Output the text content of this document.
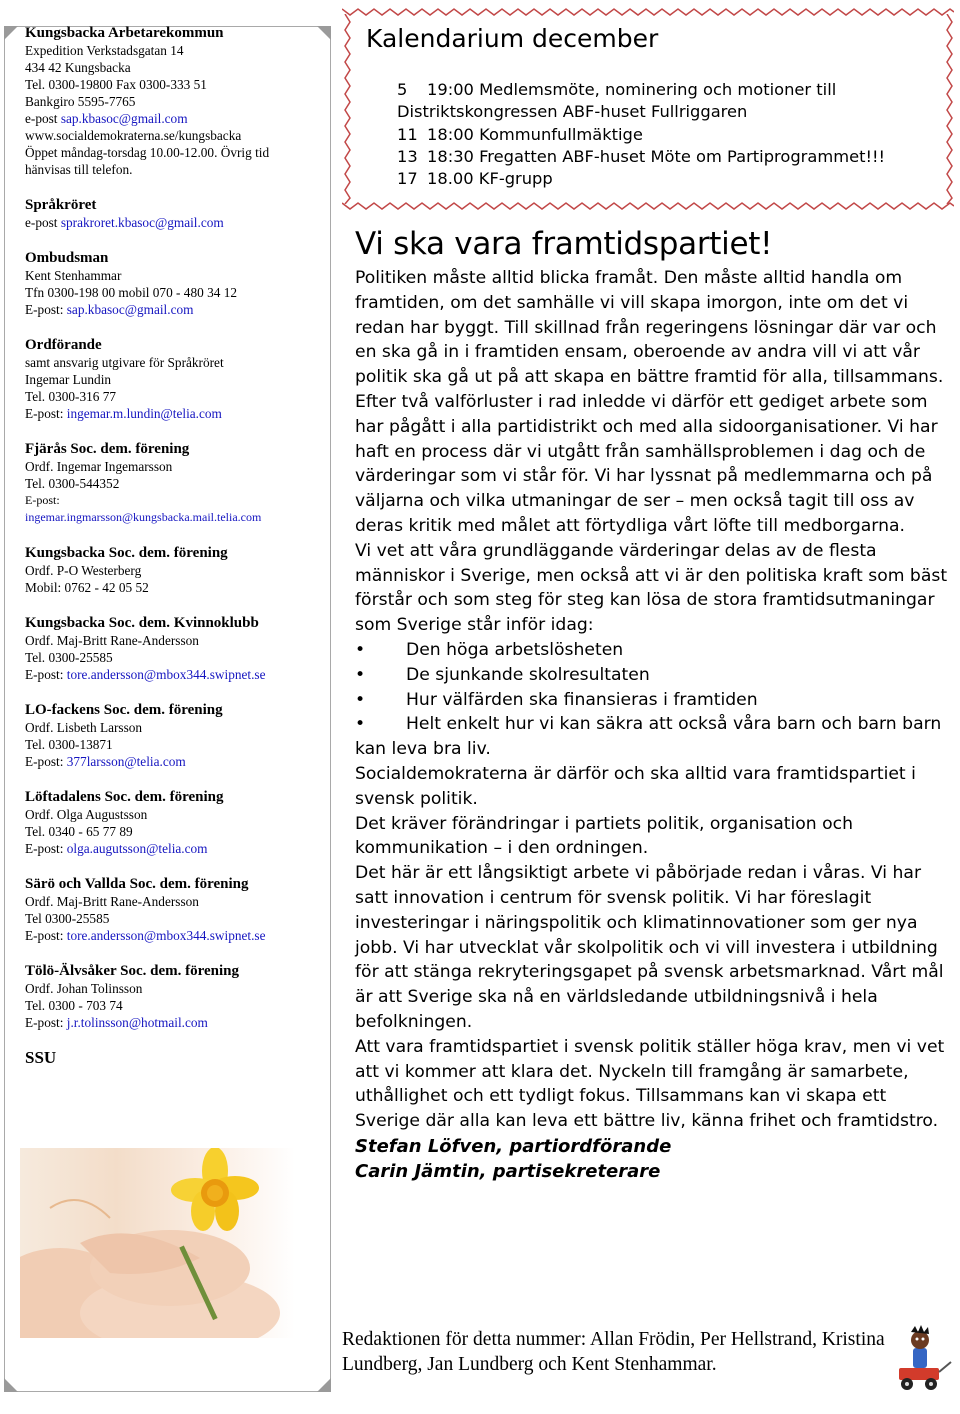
Kungsbacka Arbetarekommun
Expedition Verkstadsgatan 14
434 42 Kungsbacka
Tel. 0300-19800 Fax 0300-333 51
Bankgiro 5595-7765
e-post sap.kbasoc@gmail.com
www.socialdemokraterna.se/kungsbacka
Öppet måndag-torsdag 10.00-12.00. Övrig tid
hänvisas till telefon.
Språkröret
e-post sprakroret.kbasoc@gmail.com
Ombudsman
Kent Stenhammar
Tfn 0300-198 00 mobil 070 - 480 34 12
E-post: sap.kbasoc@gmail.com
Ordförande
samt ansvarig utgivare för Språkröret
Ingemar Lundin
Tel. 0300-316 77
E-post: ingemar.m.lundin@telia.com
Fjärås Soc. dem. förening
Ordf. Ingemar Ingemarsson
Tel. 0300-544352
E-post:
ingemar.ingmarsson@kungsbacka.mail.telia.com
Kungsbacka Soc. dem. förening
Ordf. P-O Westerberg
Mobil: 0762 - 42 05 52
Kungsbacka Soc. dem. Kvinnoklubb
Ordf. Maj-Britt Rane-Andersson
Tel. 0300-25585
E-post: tore.andersson@mbox344.swipnet.se
LO-fackens Soc. dem. förening
Ordf. Lisbeth Larsson
Tel. 0300-13871
E-post: 377larsson@telia.com
Löftadalens Soc. dem. förening
Ordf. Olga Augustsson
Tel. 0340 - 65 77 89
E-post: olga.augutsson@telia.com
Särö och Vallda Soc. dem. förening
Ordf. Maj-Britt Rane-Andersson
Tel 0300-25585
E-post: tore.andersson@mbox344.swipnet.se
Tölö-Älvsåker Soc. dem. förening
Ordf. Johan Tolinsson
Tel. 0300 - 703 74
E-post: j.r.tolinsson@hotmail.com
SSU
Kalendarium december
5 19:00 Medlemsmöte, nominering och motioner till
Distriktskongressen ABF-huset Fullriggaren
11 18:00 Kommunfullmäktige
13 18:30 Fregatten ABF-huset Möte om Partiprogrammet!!!
17 18.00 KF-grupp
Vi ska vara framtidspartiet!

Politiken måste alltid blicka framåt. Den måste alltid handla om framtiden, om det samhälle vi vill skapa imorgon, inte om det vi redan har byggt. Till skillnad från regeringens lösningar där var och en ska gå in i framtiden ensam, oberoende av andra vill vi att vår politik ska gå ut på att skapa en bättre framtid för alla, tillsammans.

Efter två valförluster i rad inledde vi därför ett gediget arbete som har pågått i alla partidistrikt och med alla sidoorganisationer. Vi har haft en process där vi utgått från samhällsproblemen i dag och de värderingar som vi står för. Vi har lyssnat på medlemmarna och på väljarna och vilka utmaningar de ser – men också tagit till oss av deras kritik med målet att förtydliga vårt löfte till medborgarna.

Vi vet att våra grundläggande värderingar delas av de flesta människor i Sverige, men också att vi är den politiska kraft som bäst förstår och som steg för steg kan lösa de stora framtidsutmaningar som Sverige står inför idag:

• Den höga arbetslösheten
• De sjunkande skolresultaten
• Hur välfärden ska finansieras i framtiden
• Helt enkelt hur vi kan säkra att också våra barn och barn barn kan leva bra liv.

Socialdemokraterna är därför och ska alltid vara framtidspartiet i svensk politik.

Det kräver förändringar i partiets politik, organisation och kommunikation – i den ordningen.

Det här är ett långsiktigt arbete vi påbörjade redan i våras. Vi har satt innovation i centrum för svensk politik. Vi har föreslagit investeringar i näringspolitik och klimatinnovationer som ger nya jobb. Vi har utvecklat vår skolpolitik och vi vill investera i utbildning för att stänga rekryteringsgapet på svensk arbetsmarknad. Vårt mål är att Sverige ska nå en världsledande utbildningsnivå i hela befolkningen.

Att vara framtidspartiet i svensk politik ställer höga krav, men vi vet att vi kommer att klara det. Nyckeln till framgång är samarbete, uthållighet och ett tydligt fokus. Tillsammans kan vi skapa ett Sverige där alla kan leva ett bättre liv, känna frihet och framtidstro.

Stefan Löfven, partiordförande
Carin Jämtin, partisekreterare
Redaktionen för detta nummer: Allan Frödin, Per Hellstrand, Kristina Lundberg, Jan Lundberg och Kent Stenhammar.
